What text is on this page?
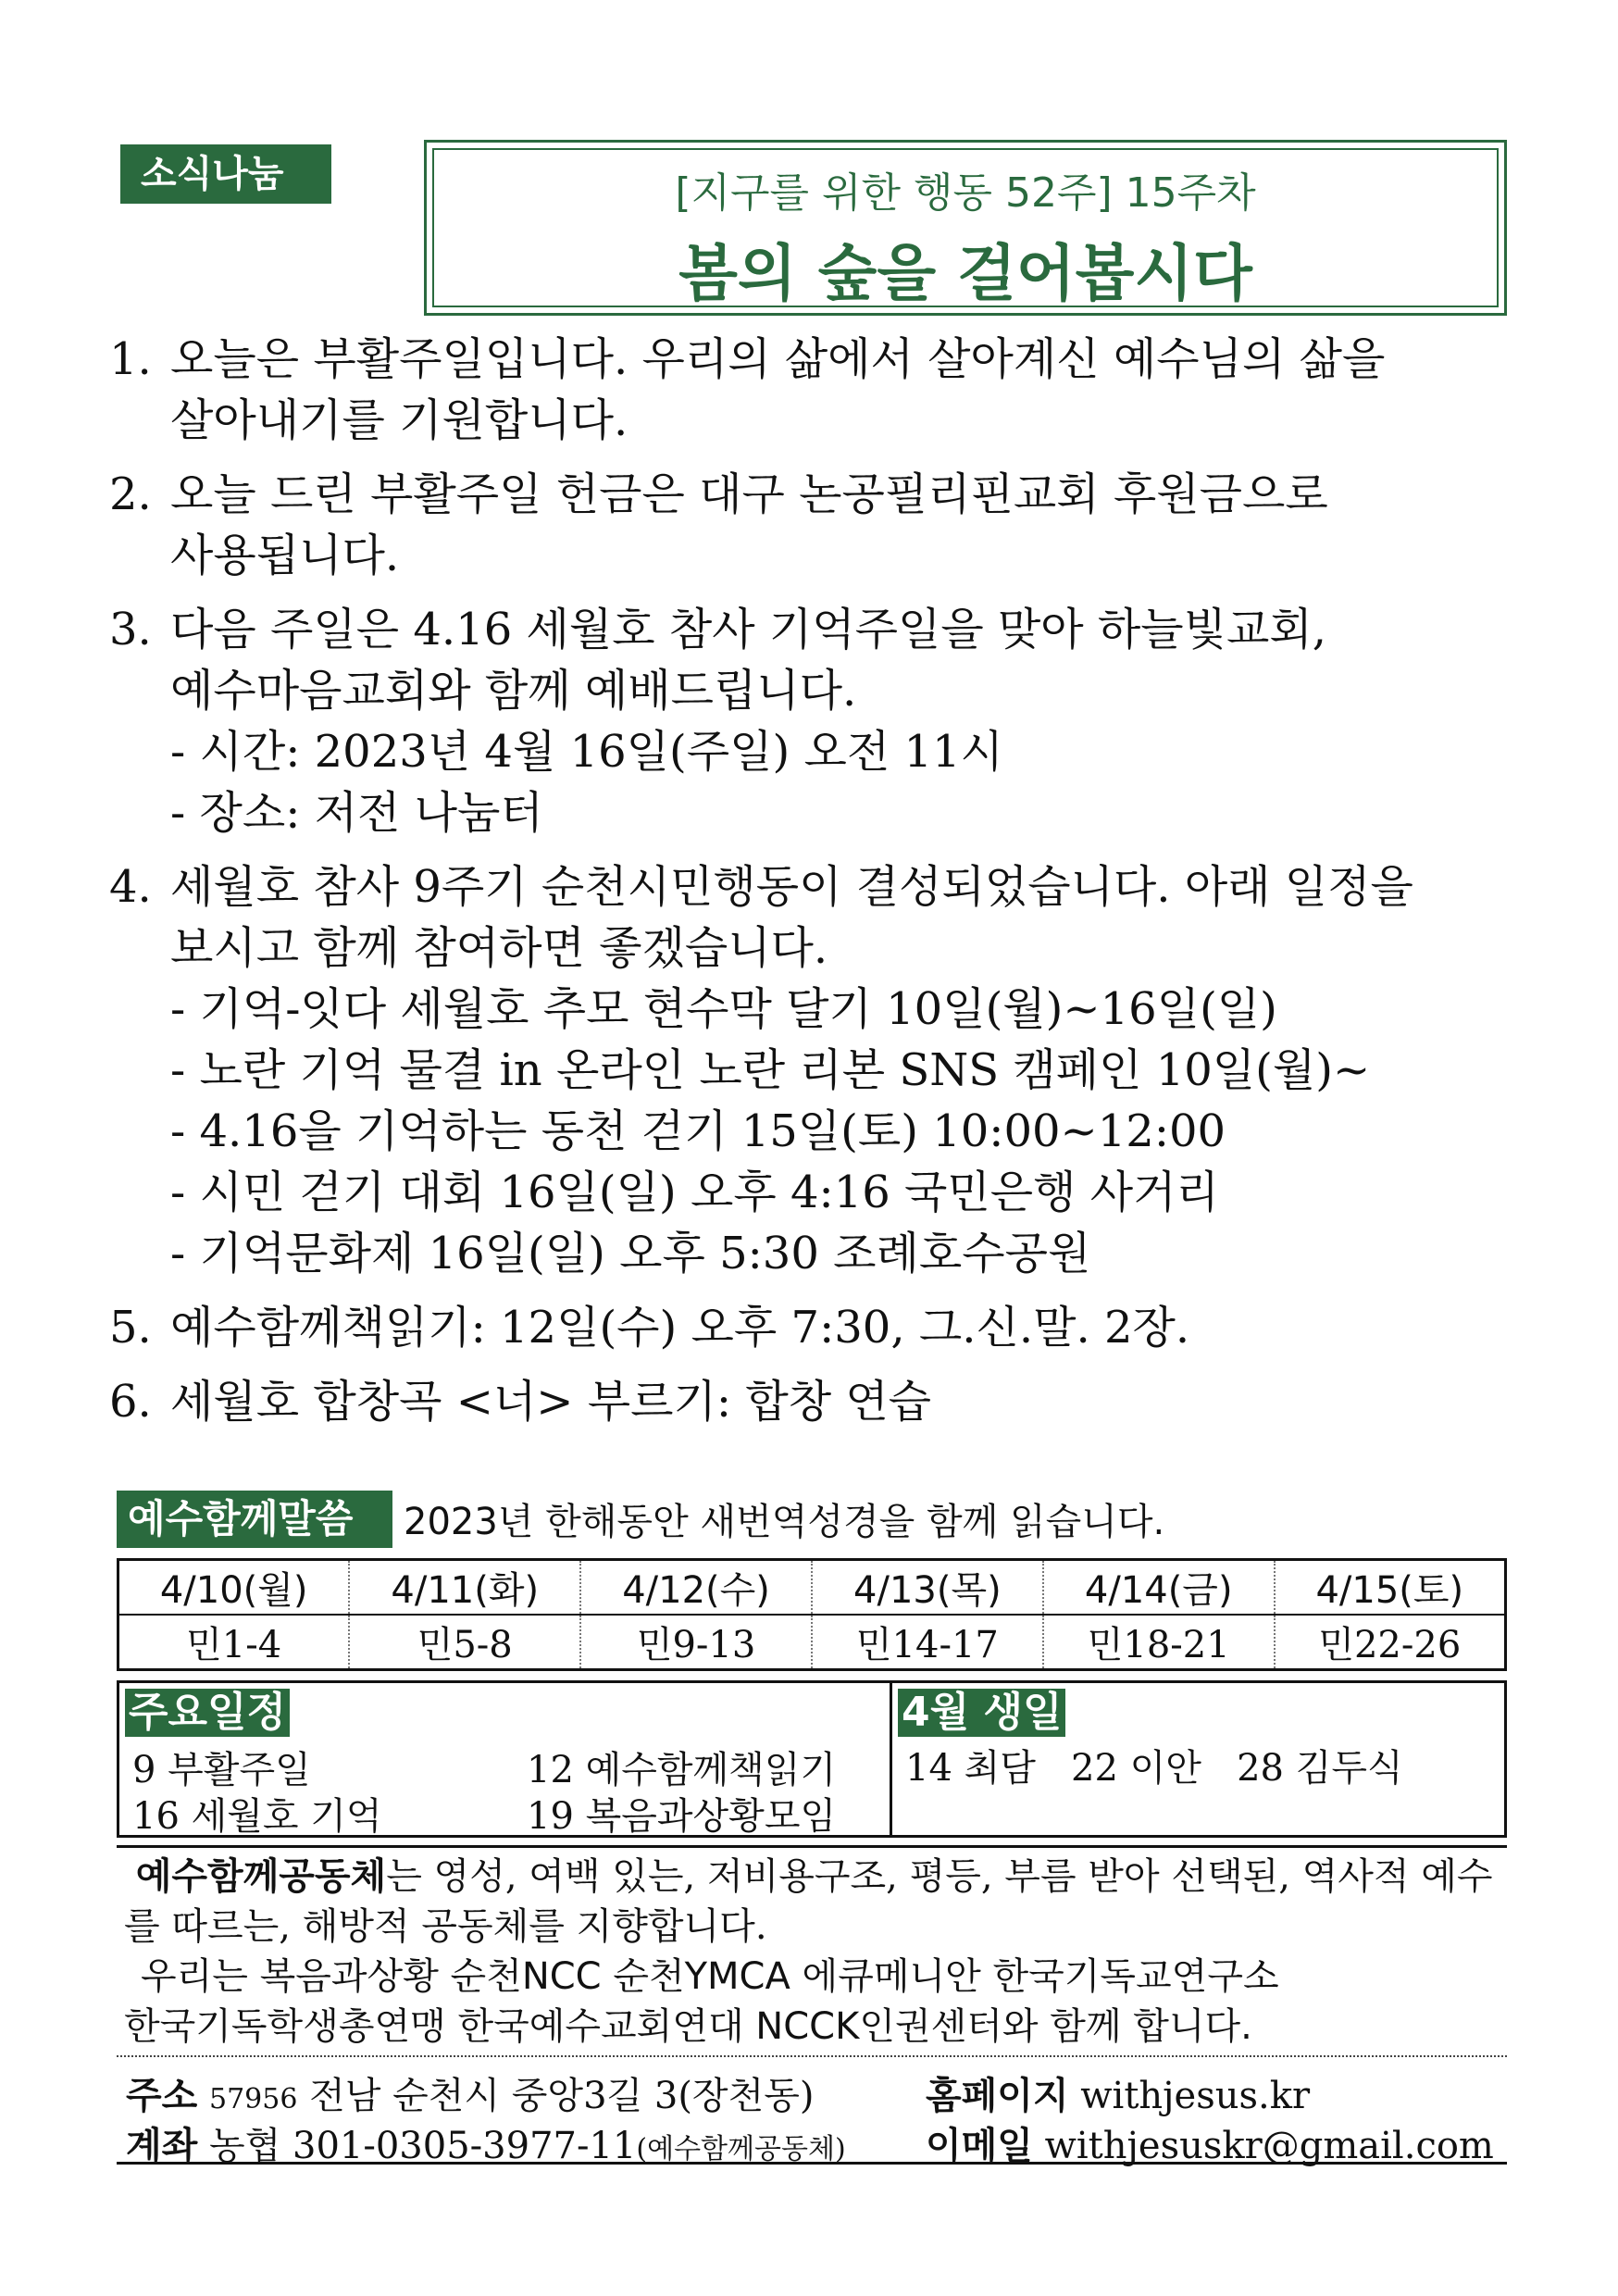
소식나눔	[지구를 위한 행동 52주] 15주차
봄의 숲을 걸어봅시다
1. 오늘은 부활주일입니다. 우리의 삶에서 살아계신 예수님의 삶을
살아내기를 기원합니다.
2. 오늘 드린 부활주일 헌금은 대구 논공필리핀교회 후원금으로
사용됩니다.
3. 다음 주일은 4.16 세월호 참사 기억주일을 맞아 하늘빛교회,
예수마음교회와 함께 예배드립니다.
- 시간: 2023년 4월 16일(주일) 오전 11시
- 장소: 저전 나눔터
4. 세월호 참사 9주기 순천시민행동이 결성되었습니다. 아래 일정을
보시고 함께 참여하면 좋겠습니다.
- 기억-잇다 세월호 추모 현수막 달기 10일(월)~16일(일)
- 노란 기억 물결 in 온라인 노란 리본 SNS 캠페인 10일(월)~
- 4.16을 기억하는 동천 걷기 15일(토) 10:00~12:00
- 시민 걷기 대회 16일(일) 오후 4:16 국민은행 사거리
- 기억문화제 16일(일) 오후 5:30 조례호수공원
5. 예수함께책읽기: 12일(수) 오후 7:30, 그.신.말. 2장.
6. 세월호 합창곡 <너> 부르기: 합창 연습
예수함께말씀	2023년 한해동안 새번역성경을 함께 읽습니다.
4/10(월)	4/11(화)	4/12(수)	4/13(목)	4/14(금)	4/15(토)
민1-4	민5-8	민9-13	민14-17	민18-21	민22-26
주요일정
9 부활주일	12 예수함께책읽기
16 세월호 기억	19 복음과상황모임
4월 생일
14 최담   22 이안   28 김두식
예수함께공동체는 영성, 여백 있는, 저비용구조, 평등, 부름 받아 선택된, 역사적 예수를 따르는, 해방적 공동체를 지향합니다.
우리는 복음과상황 순천NCC 순천YMCA 에큐메니안 한국기독교연구소
한국기독학생총연맹 한국예수교회연대 NCCK인권센터와 함께 합니다.
주소 57956 전남 순천시 중앙3길 3(장천동)	홈페이지 withjesus.kr
계좌 농협 301-0305-3977-11(예수함께공동체) 이메일 withjesuskr@gmail.com
